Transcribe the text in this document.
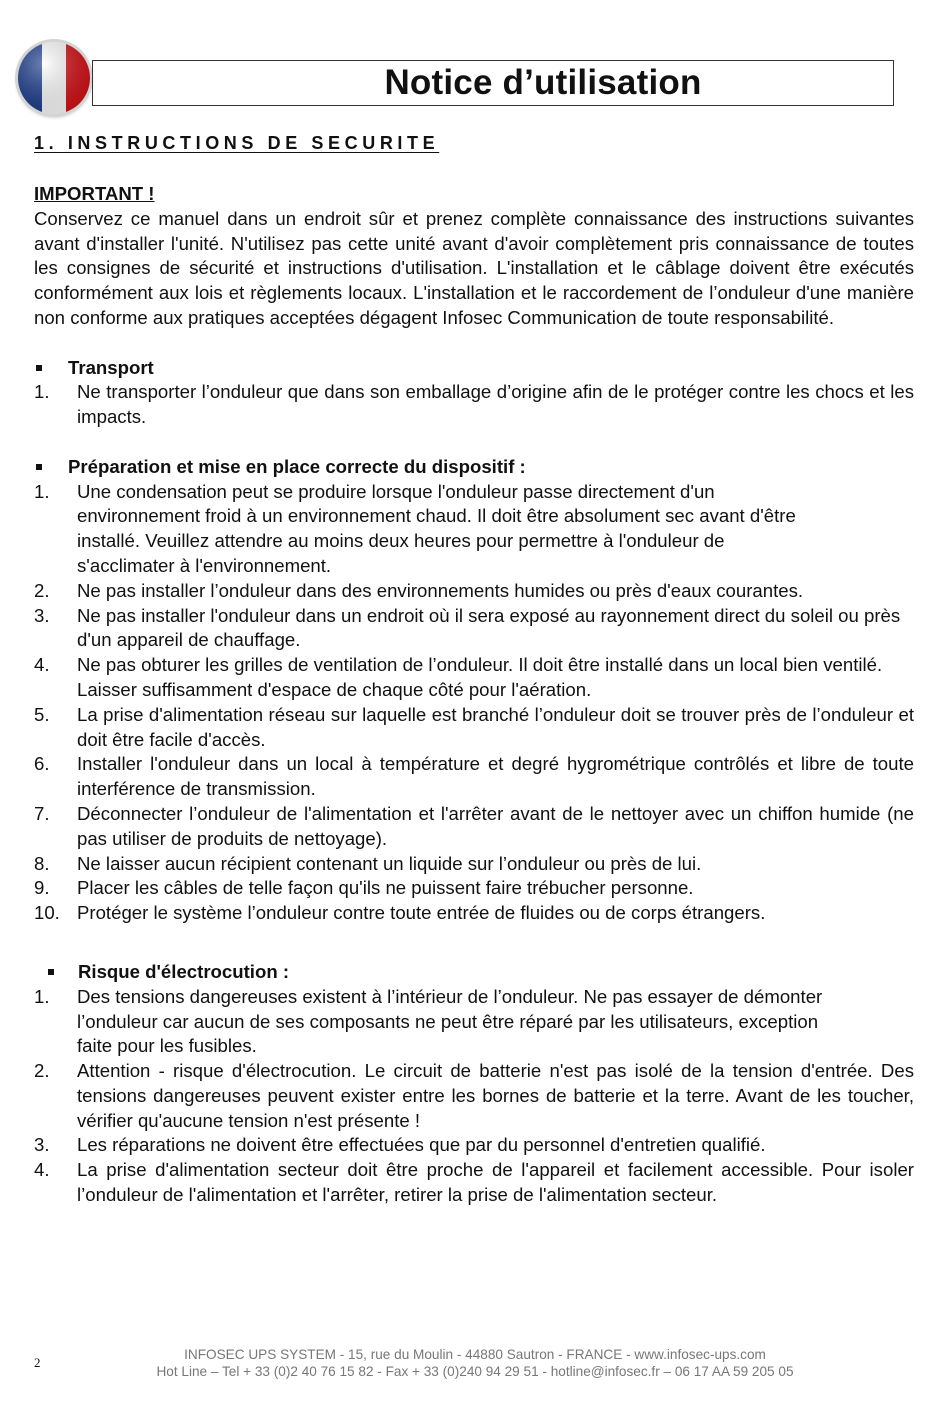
Notice d’utilisation
1. INSTRUCTIONS DE SECURITE
IMPORTANT !

Conservez ce manuel dans un endroit sûr et prenez complète connaissance des instructions suivantes avant d'installer l'unité. N'utilisez pas cette unité avant d'avoir complètement pris connaissance de toutes les consignes de sécurité et instructions d'utilisation. L'installation et le câblage doivent être exécutés conformément aux lois et règlements locaux. L'installation et le raccordement de l’onduleur d'une manière non conforme aux pratiques acceptées dégagent Infosec Communication de toute responsabilité.

Transport
1.	Ne transporter l’onduleur que dans son emballage d’origine afin de le protéger contre les chocs et les impacts.
Préparation et mise en place correcte du dispositif :
1.	Une condensation peut se produire lorsque l'onduleur passe directement d'un environnement froid à un environnement chaud. Il doit être absolument sec avant d'être installé. Veuillez attendre au moins deux heures pour permettre à l'onduleur de s'acclimater à l'environnement.
2.	Ne pas installer l’onduleur dans des environnements humides ou près d'eaux courantes.
3.	Ne pas installer l'onduleur dans un endroit où il sera exposé au rayonnement direct du soleil ou près d'un appareil de chauffage.
4.	Ne pas obturer les grilles de ventilation de l’onduleur. Il doit être installé dans un local bien ventilé. Laisser suffisamment d'espace de chaque côté pour l'aération.
5.	La prise d'alimentation réseau sur laquelle est branché l’onduleur doit se trouver près de l’onduleur et doit être facile d'accès.
6.	Installer l'onduleur dans un local à température et degré hygrométrique contrôlés et libre de toute interférence de transmission.
7.	Déconnecter l’onduleur de l'alimentation et l'arrêter avant de le nettoyer avec un chiffon humide (ne pas utiliser de produits de nettoyage).
8.	Ne laisser aucun récipient contenant un liquide sur l’onduleur ou près de lui.
9.	Placer les câbles de telle façon qu'ils ne puissent faire trébucher personne.
10. Protéger le système l’onduleur contre toute entrée de fluides ou de corps étrangers.
Risque d'électrocution :
1.	Des tensions dangereuses existent à l’intérieur de l’onduleur. Ne pas essayer de démonter l’onduleur car aucun de ses composants ne peut être réparé par les utilisateurs, exception faite pour les fusibles.
2.	Attention - risque d'électrocution. Le circuit de batterie n'est pas isolé de la tension d'entrée. Des tensions dangereuses peuvent exister entre les bornes de batterie et la terre. Avant de les toucher, vérifier qu'aucune tension n'est présente !
3.	Les réparations ne doivent être effectuées que par du personnel d'entretien qualifié.
4.	La prise d'alimentation secteur doit être proche de l'appareil et facilement accessible. Pour isoler l’onduleur de l'alimentation et l'arrêter, retirer la prise de l'alimentation secteur.
2
INFOSEC UPS SYSTEM - 15, rue du Moulin - 44880 Sautron - FRANCE - www.infosec-ups.com
Hot Line – Tel + 33 (0)2 40 76 15 82 - Fax + 33 (0)240 94 29 51 - hotline@infosec.fr – 06 17 AA 59 205 05
